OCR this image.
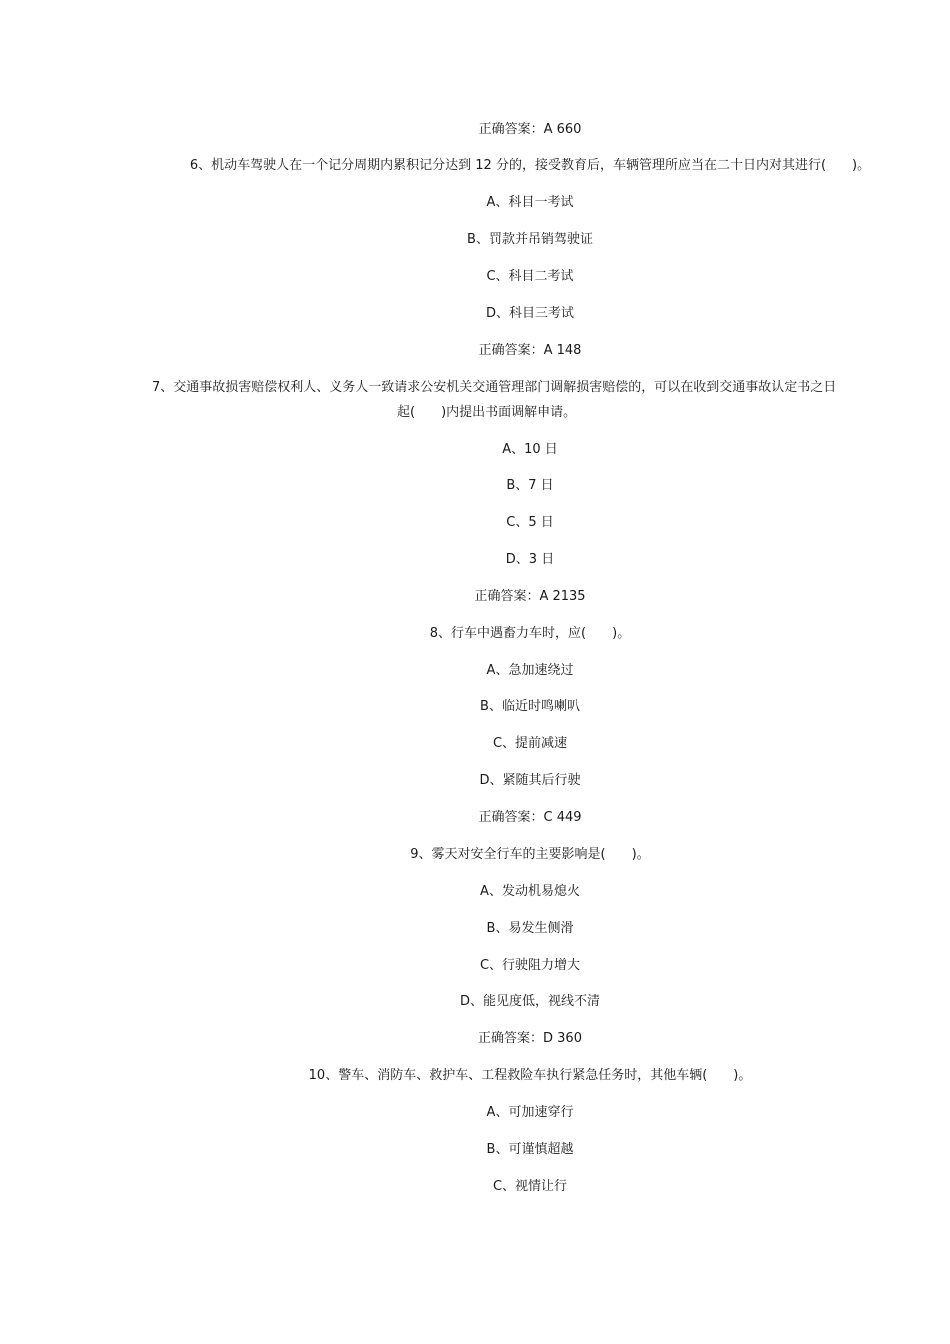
正确答案：A 660
6、机动车驾驶人在一个记分周期内累积记分达到 12 分的，接受教育后，车辆管理所应当在二十日内对其进行(　　)。
A、科目一考试
B、罚款并吊销驾驶证
C、科目二考试
D、科目三考试
正确答案：A 148
7、交通事故损害赔偿权利人、义务人一致请求公安机关交通管理部门调解损害赔偿的，可以在收到交通事故认定书之日
起(　　)内提出书面调解申请。
A、10 日
B、7 日
C、5 日
D、3 日
正确答案：A 2135
8、行车中遇畜力车时，应(　　)。
A、急加速绕过
B、临近时鸣喇叭
C、提前减速
D、紧随其后行驶
正确答案：C 449
9、雾天对安全行车的主要影响是(　　)。
A、发动机易熄火
B、易发生侧滑
C、行驶阻力增大
D、能见度低，视线不清
正确答案：D 360
10、警车、消防车、救护车、工程救险车执行紧急任务时，其他车辆(　　)。
A、可加速穿行
B、可谨慎超越
C、视情让行
